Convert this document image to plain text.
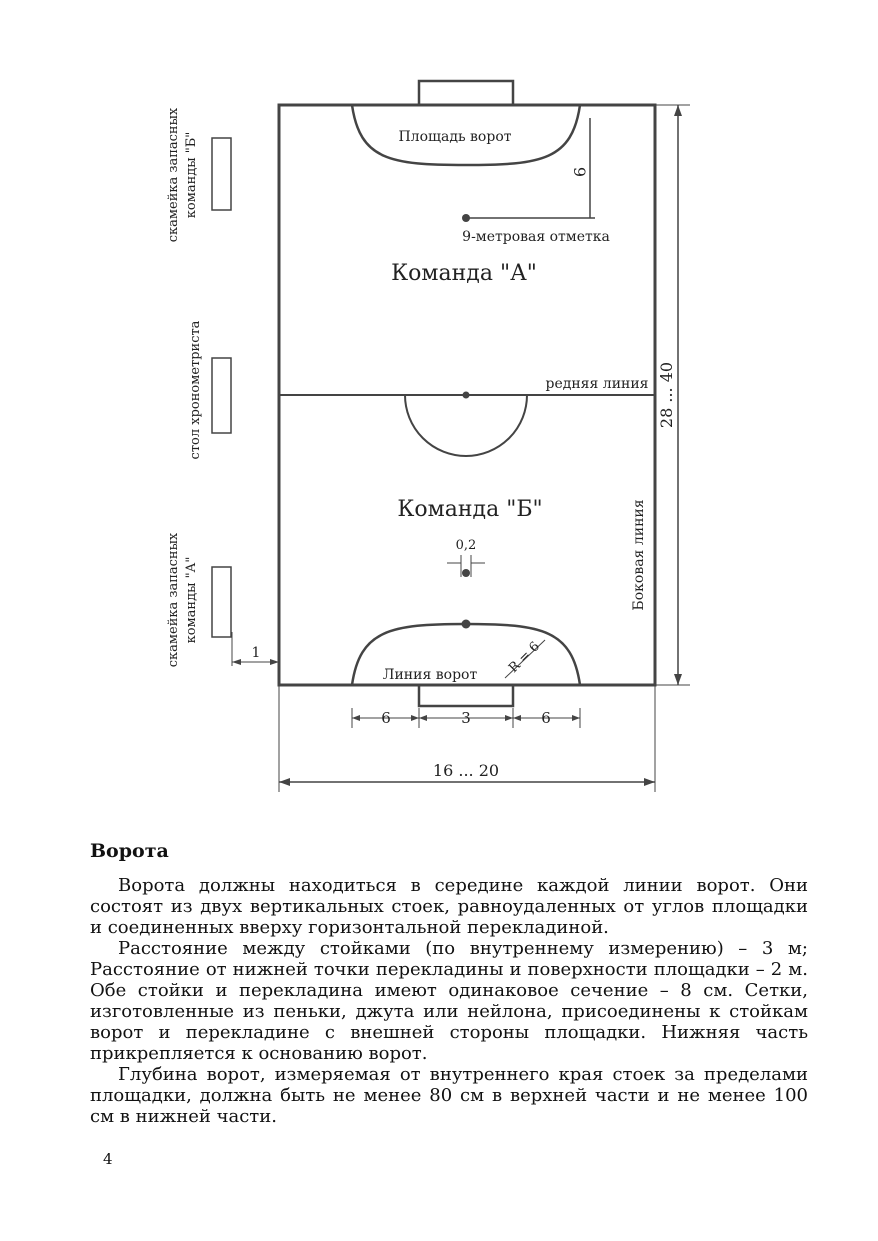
Площадь ворот
9
9-метровая отметка
Команда "А"
Команда "Б"
редняя линия 28 ... 40
Боковая линия
0,2
R = 6
Линия ворот
6	3	6
16 ... 20
1
скамейка запасных команды "Б"
стол хронометриста
скамейка запасных команды "А"
Ворота

Ворота должны находиться в середине каждой линии ворот. Они состоят из двух вертикальных стоек, равноудаленных от углов площадки и соединенных вверху горизонтальной перекладиной.

Расстояние между стойками (по внутреннему измерению) – 3 м; Расстояние от нижней точки перекладины и поверхности площадки – 2 м. Обе стойки и перекладина имеют одинаковое сечение – 8 см. Сетки, изготовленные из пеньки, джута или нейлона, присоединены к стойкам ворот и перекладине с внешней стороны площадки. Нижняя часть прикрепляется к основанию ворот.

Глубина ворот, измеряемая от внутреннего края стоек за пределами площадки, должна быть не менее 80 см в верхней части и не менее 100 см в нижней части.

4
